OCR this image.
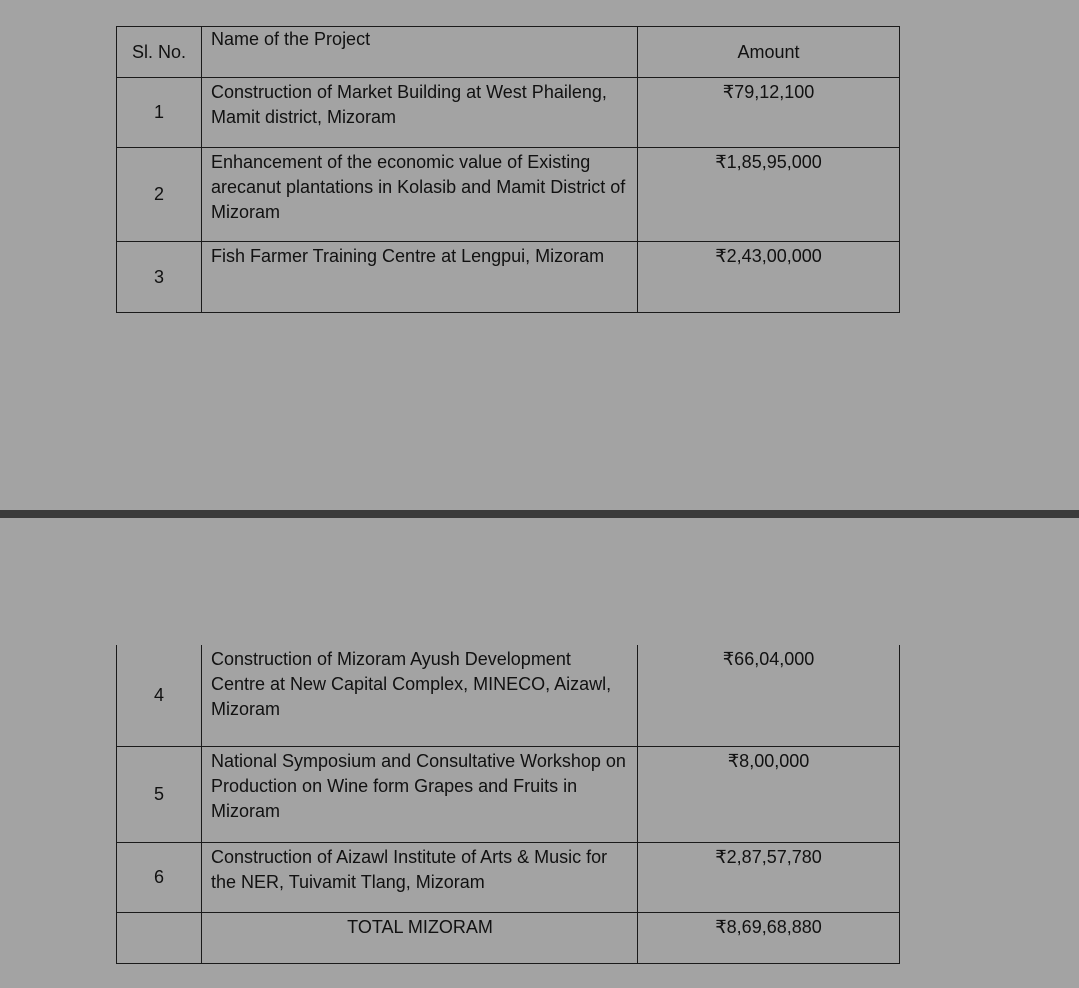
Sl. No.	Name of the Project	Amount
1	Construction of Market Building at West Phaileng, Mamit district, Mizoram	₹79,12,100
2	Enhancement of the economic value of Existing arecanut plantations in Kolasib and Mamit District of Mizoram	₹1,85,95,000
3	Fish Farmer Training Centre at Lengpui, Mizoram	₹2,43,00,000
4	Construction of Mizoram Ayush Development Centre at New Capital Complex, MINECO, Aizawl, Mizoram	₹66,04,000
5	National Symposium and Consultative Workshop on Production on Wine form Grapes and Fruits in Mizoram	₹8,00,000
6	Construction of Aizawl Institute of Arts & Music for the NER, Tuivamit Tlang, Mizoram	₹2,87,57,780
	TOTAL MIZORAM	₹8,69,68,880
